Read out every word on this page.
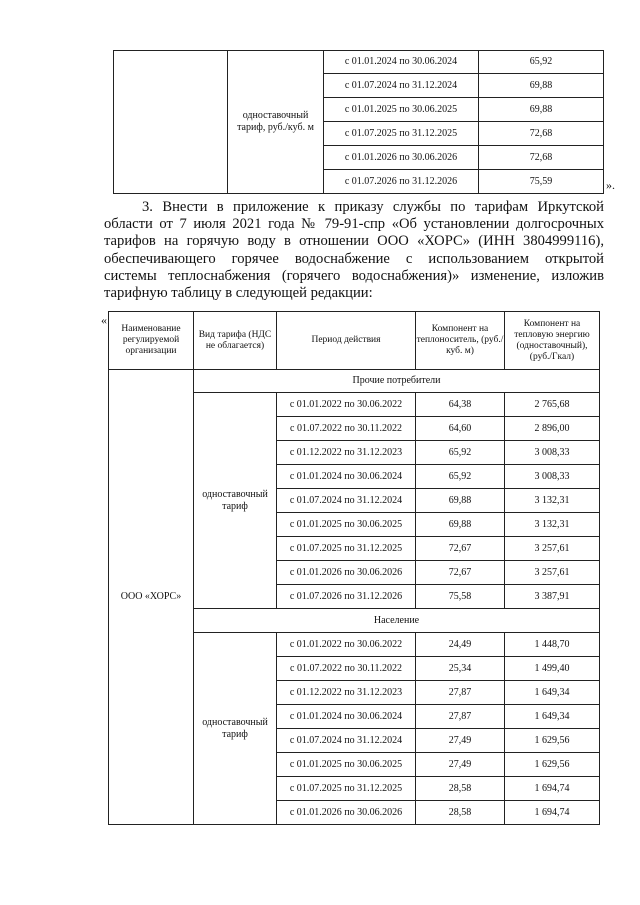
	одноставочный тариф, руб./куб. м	с 01.01.2024 по 30.06.2024	65,92
		с 01.07.2024 по 31.12.2024	69,88
		с 01.01.2025 по 30.06.2025	69,88
		с 01.07.2025 по 31.12.2025	72,68
		с 01.01.2026 по 30.06.2026	72,68
		с 01.07.2026 по 31.12.2026	75,59	».
3. Внести в приложение к приказу службы по тарифам Иркутской
области от 7 июля 2021 года № 79-91-спр «Об установлении долгосрочных
тарифов на горячую воду в отношении ООО «ХОРС» (ИНН 3804999116),
обеспечивающего горячее водоснабжение с использованием открытой
системы теплоснабжения (горячего водоснабжения)» изменение, изложив
тарифную таблицу в следующей редакции:
«
Наименование регулируемой организации	Вид тарифа (НДС не облагается)	Период действия	Компонент на теплоноситель, (руб./куб. м)	Компонент на тепловую энергию (одноставочный), (руб./Гкал)
ООО «ХОРС»	Прочие потребители			
	одноставочный тариф	с 01.01.2022 по 30.06.2022	64,38	2 765,68
		с 01.07.2022 по 30.11.2022	64,60	2 896,00
		с 01.12.2022 по 31.12.2023	65,92	3 008,33
		с 01.01.2024 по 30.06.2024	65,92	3 008,33
		с 01.07.2024 по 31.12.2024	69,88	3 132,31
		с 01.01.2025 по 30.06.2025	69,88	3 132,31
		с 01.07.2025 по 31.12.2025	72,67	3 257,61
		с 01.01.2026 по 30.06.2026	72,67	3 257,61
		с 01.07.2026 по 31.12.2026	75,58	3 387,91
	Население			
	одноставочный тариф	с 01.01.2022 по 30.06.2022	24,49	1 448,70
		с 01.07.2022 по 30.11.2022	25,34	1 499,40
		с 01.12.2022 по 31.12.2023	27,87	1 649,34
		с 01.01.2024 по 30.06.2024	27,87	1 649,34
		с 01.07.2024 по 31.12.2024	27,49	1 629,56
		с 01.01.2025 по 30.06.2025	27,49	1 629,56
		с 01.07.2025 по 31.12.2025	28,58	1 694,74
		с 01.01.2026 по 30.06.2026	28,58	1 694,74
